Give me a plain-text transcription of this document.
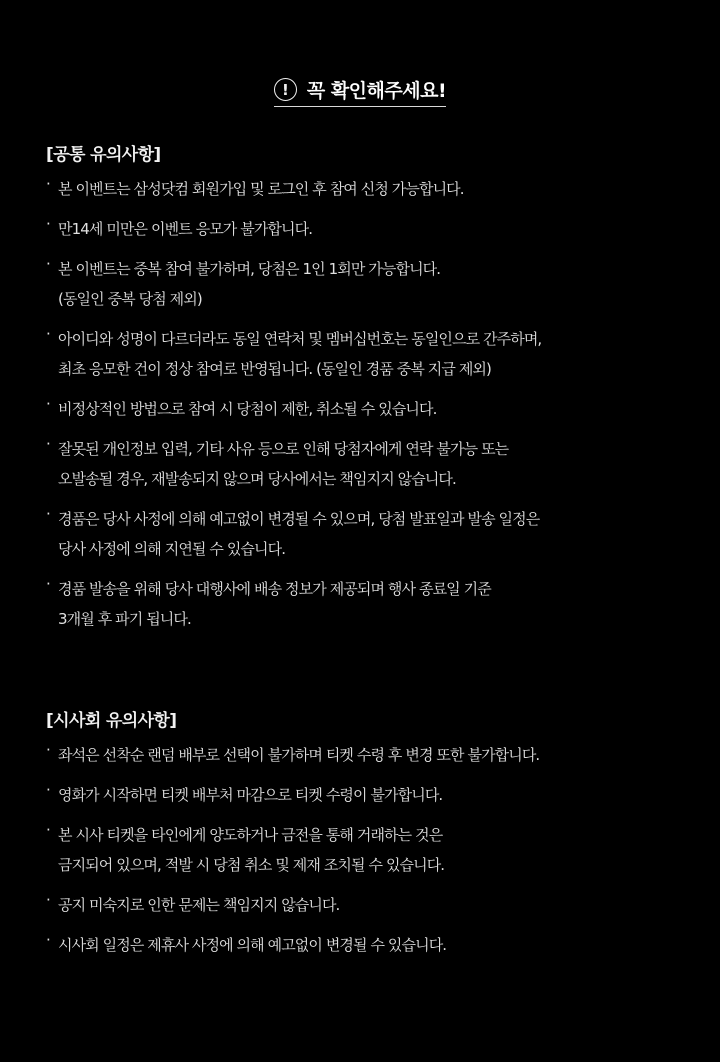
! 꼭 확인해주세요!
[공통 유의사항]
· 본 이벤트는 삼성닷컴 회원가입 및 로그인 후 참여 신청 가능합니다.
· 만14세 미만은 이벤트 응모가 불가합니다.
· 본 이벤트는 중복 참여 불가하며, 당첨은 1인 1회만 가능합니다.
(동일인 중복 당첨 제외)
· 아이디와 성명이 다르더라도 동일 연락처 및 멤버십번호는 동일인으로 간주하며,
최초 응모한 건이 정상 참여로 반영됩니다. (동일인 경품 중복 지급 제외)
· 비정상적인 방법으로 참여 시 당첨이 제한, 취소될 수 있습니다.
· 잘못된 개인정보 입력, 기타 사유 등으로 인해 당첨자에게 연락 불가능 또는
오발송될 경우, 재발송되지 않으며 당사에서는 책임지지 않습니다.
· 경품은 당사 사정에 의해 예고없이 변경될 수 있으며, 당첨 발표일과 발송 일정은
당사 사정에 의해 지연될 수 있습니다.
· 경품 발송을 위해 당사 대행사에 배송 정보가 제공되며 행사 종료일 기준
3개월 후 파기 됩니다.
[시사회 유의사항]
· 좌석은 선착순 랜덤 배부로 선택이 불가하며 티켓 수령 후 변경 또한 불가합니다.
· 영화가 시작하면 티켓 배부처 마감으로 티켓 수령이 불가합니다.
· 본 시사 티켓을 타인에게 양도하거나 금전을 통해 거래하는 것은
금지되어 있으며, 적발 시 당첨 취소 및 제재 조치될 수 있습니다.
· 공지 미숙지로 인한 문제는 책임지지 않습니다.
· 시사회 일정은 제휴사 사정에 의해 예고없이 변경될 수 있습니다.
